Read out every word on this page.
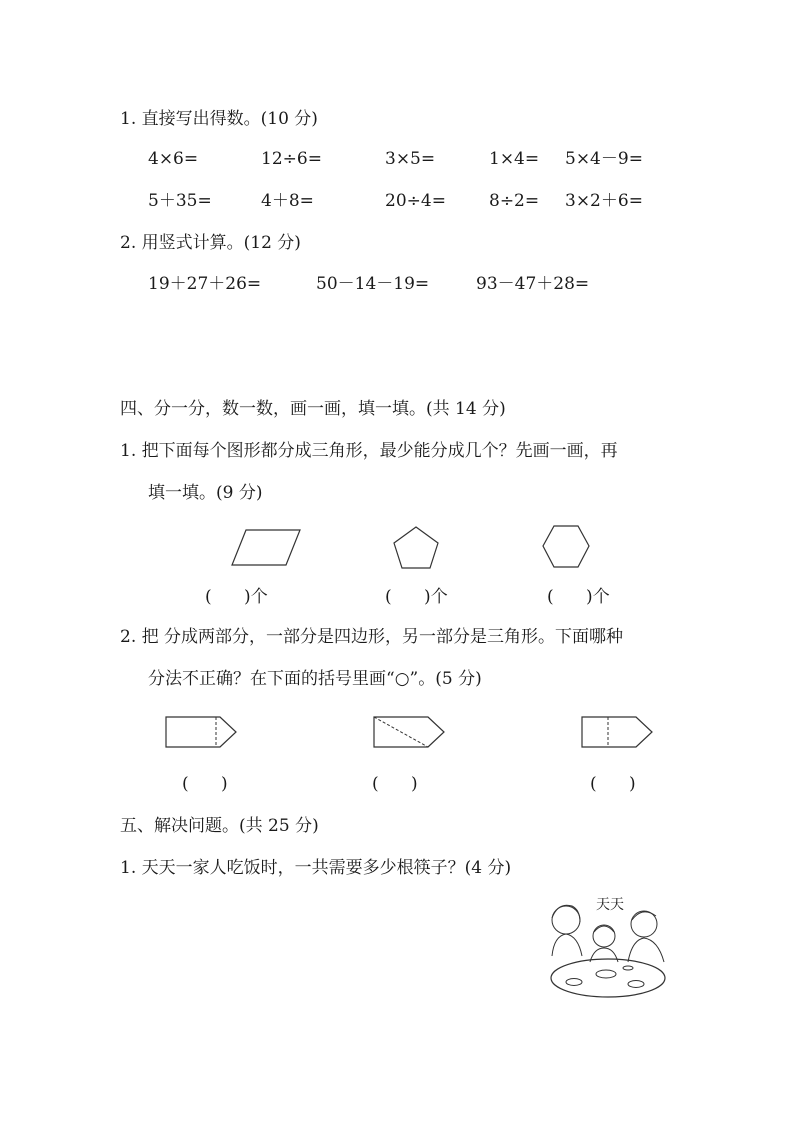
1. 直接写出得数。(10 分)
4×6=	12÷6=	3×5=	1×4= 5×4－9=
5＋35=	4＋8=	20÷4=	8÷2= 3×2＋6=
2. 用竖式计算。(12 分)
19＋27＋26=	50－14－19=	93－47＋28=
四、分一分，数一数，画一画，填一填。(共 14 分)
1. 把下面每个图形都分成三角形，最少能分成几个？先画一画，再
填一填。(9 分)
(      )个	(      )个	(      )个
2. 把 分成两部分，一部分是四边形，另一部分是三角形。下面哪种
分法不正确？在下面的括号里画“○”。(5 分)
(      )	(      )	(      )
五、解决问题。(共 25 分)
1. 天天一家人吃饭时，一共需要多少根筷子？(4 分)
天天
